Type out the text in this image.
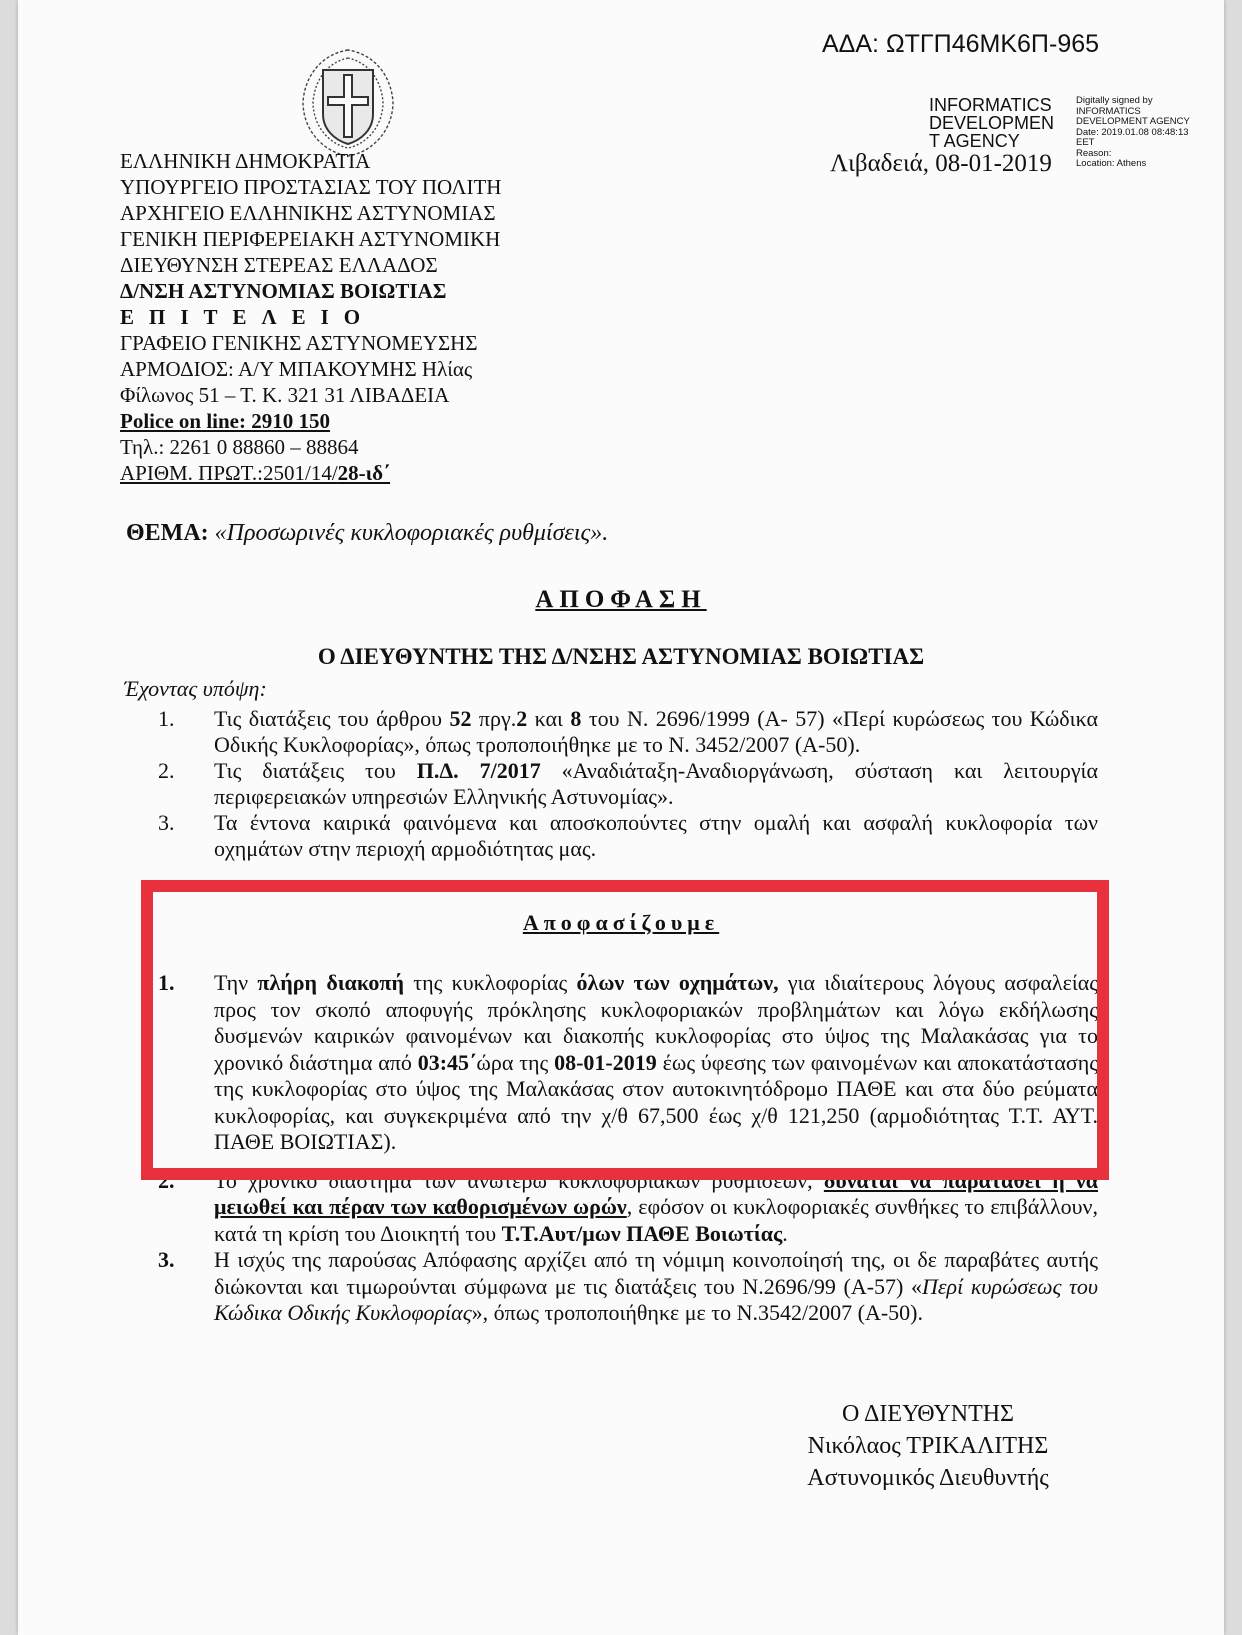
ΑΔΑ: ΩΤΓΠ46ΜΚ6Π-965
INFORMATICS
DEVELOPMEN
T AGENCY
Digitally signed by
INFORMATICS
DEVELOPMENT AGENCY
Date: 2019.01.08 08:48:13
EET
Reason:
Location: Athens
Λιβαδειά, 08-01-2019
ΕΛΛΗΝΙΚΗ ΔΗΜΟΚΡΑΤΙΑ
ΥΠΟΥΡΓΕΙΟ ΠΡΟΣΤΑΣΙΑΣ ΤΟΥ ΠΟΛΙΤΗ
ΑΡΧΗΓΕΙΟ ΕΛΛΗΝΙΚΗΣ ΑΣΤΥΝΟΜΙΑΣ
ΓΕΝΙΚΗ ΠΕΡΙΦΕΡΕΙΑΚΗ ΑΣΤΥΝΟΜΙΚΗ
ΔΙΕΥΘΥΝΣΗ ΣΤΕΡΕΑΣ ΕΛΛΑΔΟΣ
Δ/ΝΣΗ ΑΣΤΥΝΟΜΙΑΣ ΒΟΙΩΤΙΑΣ
ΕΠΙΤΕΛΕΙΟ
ΓΡΑΦΕΙΟ ΓΕΝΙΚΗΣ ΑΣΤΥΝΟΜΕΥΣΗΣ
ΑΡΜΟΔΙΟΣ: Α/Υ ΜΠΑΚΟΥΜΗΣ Ηλίας
Φίλωνος 51 – Τ. Κ. 321 31 ΛΙΒΑΔΕΙΑ
Police on line: 2910 150
Τηλ.: 2261 0 88860 – 88864
ΑΡΙΘΜ. ΠΡΩΤ.:2501/14/28-ιδ΄
ΘΕΜΑ: «Προσωρινές κυκλοφοριακές ρυθμίσεις».
ΑΠΟΦΑΣΗ
Ο ΔΙΕΥΘΥΝΤΗΣ ΤΗΣ Δ/ΝΣΗΣ ΑΣΤΥΝΟΜΙΑΣ ΒΟΙΩΤΙΑΣ
Έχοντας υπόψη:
1. Τις διατάξεις του άρθρου 52 πργ.2 και 8 του Ν. 2696/1999 (Α- 57) «Περί κυρώσεως του Κώδικα Οδικής Κυκλοφορίας», όπως τροποποιήθηκε με το Ν. 3452/2007 (Α-50).
2. Τις διατάξεις του Π.Δ. 7/2017 «Αναδιάταξη-Αναδιοργάνωση, σύσταση και λειτουργία περιφερειακών υπηρεσιών Ελληνικής Αστυνομίας».
3. Τα έντονα καιρικά φαινόμενα και αποσκοπούντες στην ομαλή και ασφαλή κυκλοφορία των οχημάτων στην περιοχή αρμοδιότητας μας.
Αποφασίζουμε
1. Την πλήρη διακοπή της κυκλοφορίας όλων των οχημάτων, για ιδιαίτερους λόγους ασφαλείας προς τον σκοπό αποφυγής πρόκλησης κυκλοφοριακών προβλημάτων και λόγω εκδήλωσης δυσμενών καιρικών φαινομένων και διακοπής κυκλοφορίας στο ύψος της Μαλακάσας για το χρονικό διάστημα από 03:45΄ώρα της 08-01-2019 έως ύφεσης των φαινομένων και αποκατάστασης της κυκλοφορίας στο ύψος της Μαλακάσας στον αυτοκινητόδρομο ΠΑΘΕ και στα δύο ρεύματα κυκλοφορίας, και συγκεκριμένα από την χ/θ 67,500 έως χ/θ 121,250 (αρμοδιότητας Τ.Τ. ΑΥΤ. ΠΑΘΕ ΒΟΙΩΤΙΑΣ).
2. Το χρονικό διάστημα των ανωτέρω κυκλοφοριακών ρυθμίσεων, δύναται να παραταθεί ή να μειωθεί και πέραν των καθορισμένων ωρών, εφόσον οι κυκλοφοριακές συνθήκες το επιβάλλουν, κατά τη κρίση του Διοικητή του Τ.Τ.Αυτ/μων ΠΑΘΕ Βοιωτίας.
3. Η ισχύς της παρούσας Απόφασης αρχίζει από τη νόμιμη κοινοποίησή της, οι δε παραβάτες αυτής διώκονται και τιμωρούνται σύμφωνα με τις διατάξεις του Ν.2696/99 (Α-57) «Περί κυρώσεως του Κώδικα Οδικής Κυκλοφορίας», όπως τροποποιήθηκε με το Ν.3542/2007 (Α-50).
Ο ΔΙΕΥΘΥΝΤΗΣ
Νικόλαος ΤΡΙΚΑΛΙΤΗΣ
Αστυνομικός Διευθυντής
